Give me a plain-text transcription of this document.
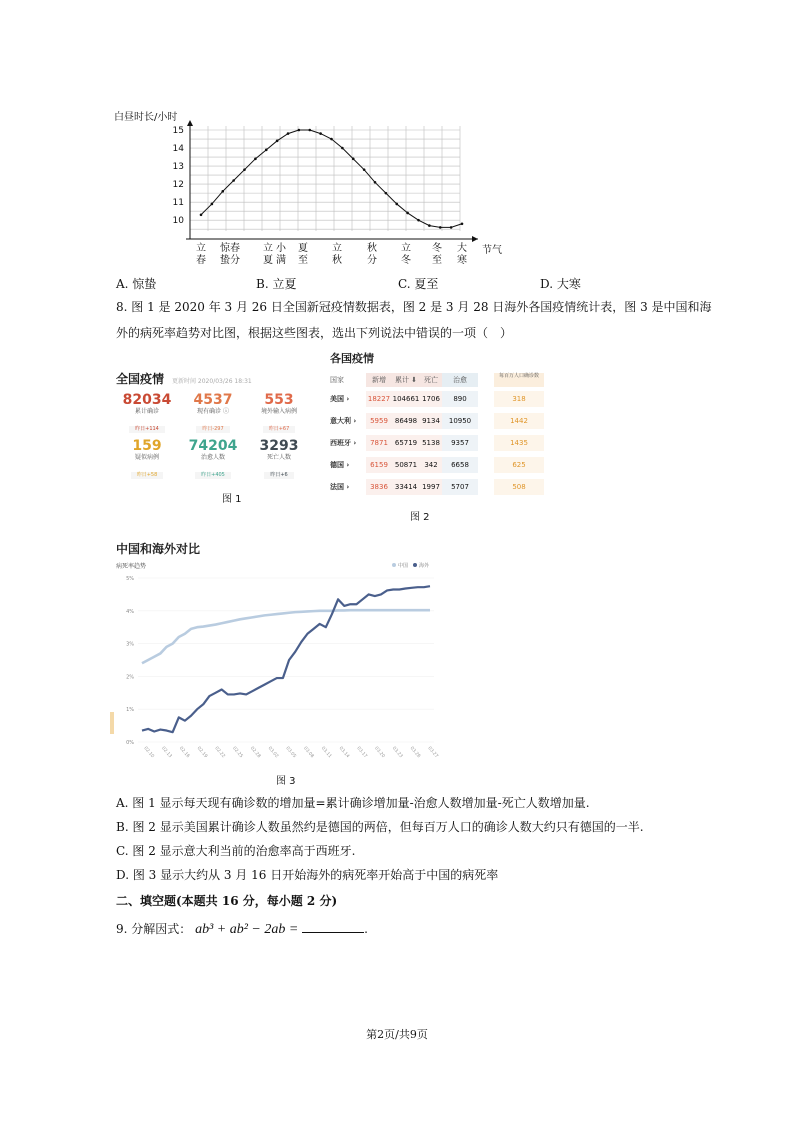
白昼时长/小时
10
11
12
13
14
15
立
春
惊
蛰
春
分
立
夏
小
满
夏
至
立
秋
秋
分
立
冬
冬
至
大
寒
节气
A. 惊蛰	B. 立夏	C. 夏至	D. 大寒
8. 图 1 是 2020 年 3 月 26 日全国新冠疫情数据表，图 2 是 3 月 28 日海外各国疫情统计表，图 3 是中国和海
外的病死率趋势对比图，根据这些图表，选出下列说法中错误的一项（　）
全国疫情 更新时间 2020/03/26 18:31
82034
累计确诊
昨日+114
4537
现有确诊 ⓘ
昨日-297
553
境外输入病例
昨日+67
159
疑似病例
昨日+58
74204
治愈人数
昨日+405
3293
死亡人数
昨日+6
图 1
各国疫情
国家	新增	累计 ⬇ 死亡	治愈	每百万人口确诊数
美国 ›	18227 104661 1706	890	318
意大利 ›	5959 86498 9134	10950	1442
西班牙 ›	7871 65719 5138	9357	1435
德国 ›	6159 50871	342	6658	625
法国 ›	3836 33414 1997	5707	508
图 2
中国和海外对比
病死率趋势	中国 海外
0%
1%
2%
3%
4%
5%
02.10 02.13 02.16 02.19 02.22 02.25 02.28 03.02 03.05 03.08 03.11 03.14 03.17 03.20 03.23 03.26 03.27
图 3
A. 图 1 显示每天现有确诊数的增加量=累计确诊增加量-治愈人数增加量-死亡人数增加量.
B. 图 2 显示美国累计确诊人数虽然约是德国的两倍，但每百万人口的确诊人数大约只有德国的一半.
C. 图 2 显示意大利当前的治愈率高于西班牙.
D. 图 3 显示大约从 3 月 16 日开始海外的病死率开始高于中国的病死率
二、填空题(本题共 16 分，每小题 2 分)
9. 分解因式： ab³ + ab² − 2ab =	.
第2页/共9页
